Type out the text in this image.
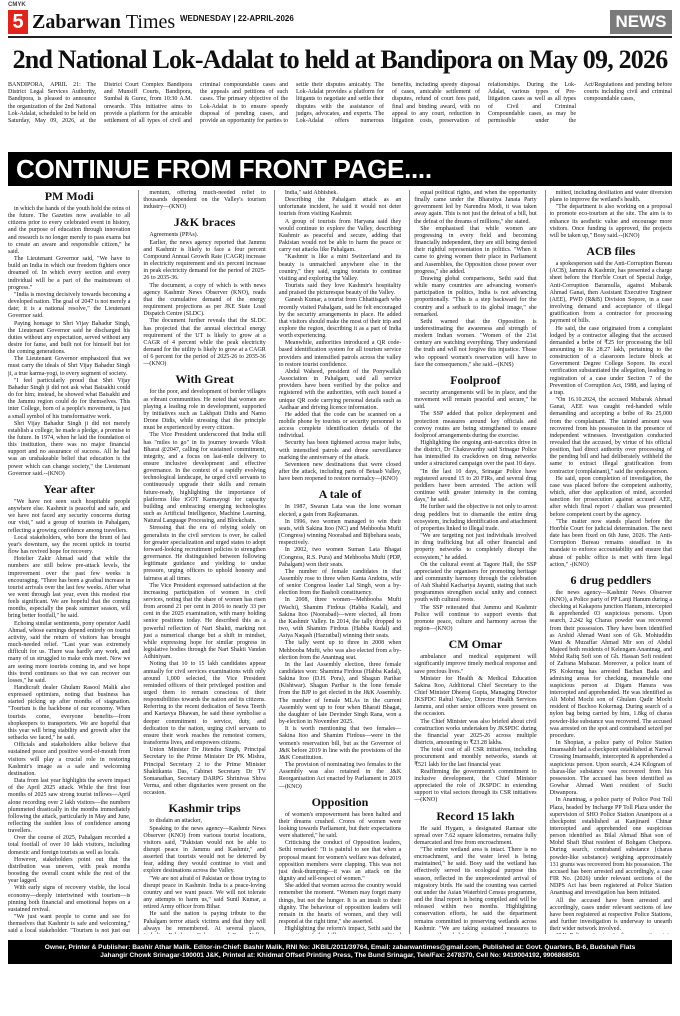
CMYK
5 Zabarwan Times WEDNESDAY | 22-APRIL-2026	NEWS
2nd National Lok-Adalat to held at Bandipora on May 09, 2026
BANDIPORA, APRIL 21: The District Legal Services Authority, Bandipora, is pleased to announce the organization of the 2nd National Lok-Adalat, scheduled to be held on Saturday, May 09, 2026, at the District Court Complex Bandipora and Munsiff Courts, Bandipora, Sumbal & Gurez, from 10:30 A.M. onwards. This initiative aims to provide a platform for the amicable settlement of all types of civil and criminal compoundable cases and the appeals and petitions of such cases. The primary objective of the Lok-Adalat is to ensure speedy disposal of pending cases, and provide an opportunity for parties to settle their disputes amicably. The Lok-Adalat provides a platform for litigants to negotiate and settle their disputes with the assistance of judges, advocates, and experts. The Lok-Adalat offers numerous benefits, including speedy disposal of cases, amicable settlement of disputes, refund of court fees paid, final and binding award, with no appeal to any court, reduction in litigation costs, preservation of relationships. During the Lok-Adalat, various types of Pre-litigation cases as well as all types of Civil and Criminal Compoundable cases, as may be permissible under the Act/Regulations and pending before courts including civil and criminal compoundable cases,
CONTINUE FROM FRONT PAGE....
PM Modi

in which the hands of the youth hold the reins of the future. The Gazettes now available to all citizens prior to every celebrated event in history, and the purpose of education through innovation and research is no longer merely to pass exams but to create an aware and responsible citizen," he said.

The Lieutenant Governor said, "We have to build an India in which our freedom fighters once dreamed of. In which every section and every individual will be a part of the mainstream of progress."

"India is moving decisively towards becoming a developed nation. The goal of 2047 is not merely a date; it is a national resolve," the Lieutenant Governor said.

Paying homage to Shri Vijay Bahadur Singh, the Lieutenant Governor said he discharged his duties without any expectation, served without any desire for fame, and built not for himself but for the coming generations.

The Lieutenant Governor emphasized that we must carry the ideals of Shri Vijay Bahadur Singh ji, a true karma-yogi, to every segment of society.

"I feel particularly proud that Shri Vijay Bahadur Singh ji did not ask what Baisakhi could do for him; instead, he showed what Baisakhi and the Jammu region could do for themselves. This inter College, born of a people's movement, is just a small symbol of his transformative work.

Shri Vijay Bahadur Singh ji did not merely establish a college; he made a pledge, a promise to the future. In 1974, when he laid the foundation of this institution, there was no major financial support and no assurance of success. All he had was an unshakeable belief that education is the power which can change society," the Lieutenant Governor said.--(KNO)

Year after

"We have not seen such hospitable people anywhere else. Kashmir is peaceful and safe, and we have not faced any security concerns during our visit," said a group of tourists in Pahalgam, reflecting a growing confidence among travellers.

Local stakeholders, who bore the brunt of last year's downturn, say the recent uptick in tourist flow has revived hope for recovery.

Hotelier Zakir Ahmad said that while the numbers are still below pre-attack levels, the improvement over the past few weeks is encouraging. "There has been a gradual increase in tourist arrivals over the last few weeks. After what we went through last year, even this modest rise feels significant. We are hopeful that the coming months, especially the peak summer season, will bring better footfall," he said.

Echoing similar sentiments, pony operator Aadil Ahmad, whose earnings depend entirely on tourist activity, said the return of visitors has brought much-needed relief. "Last year was extremely difficult for us. There was hardly any work, and many of us struggled to make ends meet. Now we are seeing more tourists coming in, and we hope this trend continues so that we can recover our losses," he said.

Handicraft dealer Ghulam Rasool Malik also expressed optimism, noting that business has started picking up after months of stagnation. "Tourism is the backbone of our economy. When tourists come, everyone benefits—from shopkeepers to transporters. We are hopeful that this year will bring stability and growth after the setbacks we faced," he said.

Officials and stakeholders alike believe that sustained peace and positive word-of-mouth from visitors will play a crucial role in restoring Kashmir's image as a safe and welcoming destination.

Data from last year highlights the severe impact of the April 2025 attack. While the first four months of 2025 saw strong tourist inflows—April alone recording over 2 lakh visitors—the numbers plummeted drastically in the months immediately following the attack, particularly in May and June, reflecting the sudden loss of confidence among travellers.

Over the course of 2025, Pahalgam recorded a total footfall of over 10 lakh visitors, including domestic and foreign tourists as well as locals.

However, stakeholders point out that the distribution was uneven, with peak months boosting the overall count while the rest of the year lagged.

With early signs of recovery visible, the local economy—deeply intertwined with tourism—is pinning both financial and emotional hopes on a sustained revival.

"We just want people to come and see for themselves that Kashmir is safe and welcoming," said a local stakeholder. "Tourism is not just our

mentum, offering much-needed relief to thousands dependent on the Valley's tourism industry—(KNO)

J&K braces

Agreements (PPAs).

Earlier, the news agency reported that Jammu and Kashmir is likely to face a four percent Compound Annual Growth Rate (CAGR) increase in electricity requirement and six percent increase in peak electricity demand for the period of 2025-26 to 2035-36.

The document, a copy of which is with news agency Kashmir News Observer (KNO), reads that the cumulative demand of the energy requirement projections as per JKE State Load Dispatch Centre (SLDC).

The document further reveals that the SLDC has projected that the annual electrical energy requirement of the UT is likely to grow at a CAGR of 4 percent while the peak electricity demand for the utility is likely to grow at a CAGR of 6 percent for the period of 2025-26 to 2035-36—(KNO)

With Great

for the poor, and development of border villages as vibrant communities. He noted that women are playing a leading role in development, supported by initiatives such as Lakhpati Didis and Namo Drone Didis, while stressing that the principle must be experienced by every citizen.

The Vice President underscored that India still has "miles to go" in its journey towards Viksit Bharat @2047, calling for sustained commitment, integrity, and a focus on last-mile delivery to ensure inclusive development and effective governance. In the context of a rapidly evolving technological landscape, he urged civil servants to continuously upgrade their skills and remain future-ready, highlighting the importance of platforms like iGOT Karmayogi for capacity building and embracing emerging technologies such as Artificial Intelligence, Machine Learning, Natural Language Processing, and Blockchain.

Stressing that the era of relying solely on generalists in the civil services is over, he called for greater specialization and urged states to adopt forward-looking recruitment policies to strengthen governance. He distinguished between following legitimate guidance and yielding to undue pressure, urging officers to uphold honesty and fairness at all times.

The Vice President expressed satisfaction at the increasing participation of women in civil services, noting that the share of women has risen from around 21 per cent in 2016 to nearly 33 per cent in the 2025 examination, with many holding senior positions today. He described this as a powerful reflection of Nari Shakti, marking not just a numerical change but a shift in mindset, while expressing hope for similar progress in legislative bodies through the Nari Shakti Vandan Adhiniyam.

Noting that 10 to 15 lakh candidates appear annually for civil services examinations with only around 1,000 selected, the Vice President reminded officers of their privileged position and urged them to remain conscious of their responsibilities towards the nation and its citizens. Referring to the recent dedication of Sewa Teerth and Kartavya Bhawan, he said these symbolise a deeper commitment to service, duty, and dedication to the nation, urging civil servants to ensure their work reaches the remotest corners, transforms lives, and empowers citizens.

Union Minister Dr Jitendra Singh, Principal Secretary to the Prime Minister Dr PK Mishra, Principal Secretary 2 to the Prime Minister Shaktikanta Das, Cabinet Secretary Dr TV Somanathan, Secretary DARPG Shrinivas Shiva Verma, and other dignitaries were present on the occasion.

Kashmir trips

to disdain an attacker,

Speaking to the news agency—Kashmir News Observer (KNO) from various tourist locations, visitors said, "Pakistan would not be able to disrupt peace in Jammu and Kashmir," and asserted that tourists would not be deterred by fear, adding they would continue to visit and explore destinations across the Valley.

"We are not afraid of Pakistan or those trying to disrupt peace in Kashmir. India is a peace-loving country and we want peace. We will not tolerate any attempts to harm us," said Sunil Kumar, a retired Army officer from Bihar.

He said the nation is paying tribute to the Pahalgam terror attack victims and that they will always be remembered. At several places,

India," said Abhishek.

Describing the Pahalgam attack as an unfortunate incident, he said it would not deter tourists from visiting Kashmir.

A group of tourists from Haryana said they would continue to explore the Valley, describing Kashmir as peaceful and secure, adding that Pakistan would not be able to harm the peace or carry out attacks like Pahalgam.

"Kashmir is like a mini Switzerland and its beauty is unmatched anywhere else in the country," they said, urging tourists to continue visiting and exploring the Valley.

Tourists said they love Kashmir's hospitality and praised the picturesque beauty of the Valley.

Ganesh Kumar, a tourist from Chhattisgarh who recently visited Pahalgam, said he felt encouraged by the security arrangements in place. He added that visitors should make the most of their trip and explore the region, describing it as a part of India worth experiencing.

Meanwhile, authorities introduced a QR code-based identification system for all tourism service providers and intensified patrols across the valley to restore tourist confidence.

Abdul Waheed, president of the Ponywallah Association in Pahalgam, said all service providers have been verified by the police and registered with the authorities, with each issued a unique QR code carrying personal details such as Aadhaar and driving licence information.

He added that the code can be scanned on a mobile phone by tourists or security personnel to access complete identification details of the individual.

Security has been tightened across major hubs, with intensified patrols and drone surveillance marking the anniversary of the attack.

Seventeen new destinations that were closed after the attack, including parts of Betaab Valley, have been reopened to restore normalcy—(KNO)

A tale of

In 1987, Swaran Lata was the lone woman elected, a gain from Rajkumaran.

In 1996, two women managed to win their seats, with Sakina Itoo (NC) and Mehbooba Mufti (Congress) winning Noorabad and Bijbehara seats, respectively.

In 2002, two women Suman Lata Bhagat (Congress, R.S. Pura) and Mehbooba Mufti (PDP, Pahalgam) won their seats.

The number of female candidates in that Assembly rose to three when Kanta Andotra, wife of senior Congress leader Lal Singh, won a by-election from the Basholi constituency.

In 2008, three women—Mehbooba Mufti (Wachi), Shamim Firdous (Habba Kadal), and Sakina Itoo (Noorabad)—were elected, all from the Kashmir Valley. In 2014, the tally dropped to two, with Shamim Firdous (Habba Kadal) and Asiya Naqash (Hazratbal) winning their seats.

The tally went up to three in 2008 when Mehbooba Mufti, who was also elected from a by-election from the Anantnag seat.

In the last Assembly election, three female candidates won: Shamima Firdous (Habba Kadal), Sakina Itoo (D.H. Pora), and Shagun Parihar (Kishtwar). Shagun Parihar is the lone female from the BJP to get elected in the J&K Assembly. The number of female MLAs in the current Assembly went up to four when Bharati Bhagat, the daughter of late Devinder Singh Rana, won a by-election in November 2025.

It is worth mentioning that two females—Sakina Itoo and Shamim Firdous—were in the women's reservation bill, but as the Governor of J&K before 2019 in line with the provisions of the J&K Constitution.

The provision of nominating two females to the Assembly was also retained in the J&K Reorganisation Act enacted by Parliament in 2019—(KNO)

Opposition

of women's empowerment has been halted and their dreams crushed. Crores of women were looking towards Parliament, but their expectations were shattered," he said.

Criticising the conduct of Opposition leaders, Sethi remarked: "It is painful to see that when a proposal meant for women's welfare was defeated, opposition members were clapping. This was not just desk-thumping—it was an attack on the dignity and self-respect of women."

She added that women across the country would remember the moment. "Women may forget many things, but not the hunger. It is an insult to their dignity. The behaviour of opposition leaders will remain in the hearts of women, and they will respond at the right time," she asserted.

Highlighting the reform's impact, Sethi said the

equal political rights, and when the opportunity finally came under the Bharatiya Janata Party government led by Narendra Modi, it was taken away again. This is not just the defeat of a bill, but the defeat of the dreams of millions," she stated.

She emphasised that while women are progressing in every field and becoming financially independent, they are still being denied their rightful representation in politics. "When it came to giving women their place in Parliament and Assemblies, the Opposition chose power over progress," she added.

Drawing global comparisons, Sethi said that while many countries are advancing women's participation in politics, India is not advancing proportionally. "This is a step backward for the country and a setback to its global image," she remarked.

Sethi warned that the Opposition is underestimating the awareness and strength of modern Indian women. "Women of the 21st century are watching everything. They understand the truth and will not forgive this injustice. Those who opposed women's reservation will have to face the consequences," she said.--(KNS)

Foolproof

security arrangements will be in place, and the movement will remain peaceful and secure," he said.

The SSP added that police deployment and protection measures around key officials and convoy routes are being strengthened to ensure foolproof arrangements during the exercise.

Highlighting the ongoing anti-narcotics drive in the district, Dr Chakravarthy said Srinagar Police has intensified its crackdown on drug networks under a structured campaign over the past 10 days.

"In the last 10 days, Srinagar Police have registered around 15 to 20 FIRs, and several drug peddlers have been arrested. The action will continue with greater intensity in the coming days," he said.

He further said the objective is not only to arrest drug peddlers but to dismantle the entire drug ecosystem, including identification and attachment of properties linked to illegal trade.

"We are targeting not just individuals involved in drug trafficking but all other financial and property networks to completely disrupt the ecosystem," he added.

On the cultural event at Tagore Hall, the SSP appreciated the organisers for promoting heritage and community harmony through the celebration of Ash Shahid Kachariya Jayanti, stating that such programmes strengthen social unity and connect youth with cultural roots.

The SSP reiterated that Jammu and Kashmir Police will continue to support events that promote peace, culture and harmony across the region—(KNO)

CM Omar

ambulance and medical equipment will significantly improve timely medical response and save precious lives."

Minister for Health & Medical Education Sakina Itoo, Additional Chief Secretary to the Chief Minister Dheeraj Gupta, Managing Director JKSPDC Rahul Yadav, Director Health Services Jammu, and other senior officers were present on the occasion.

The Chief Minister was also briefed about civil construction works undertaken by JKSPDC during the financial year 2025-26 across multiple districts, amounting to ₹23.28 lakhs.

The total cost of all CSR initiatives, including procurement and monthly networks, stands at ₹521 lakh for the last financial year.

Reaffirming the government's commitment to inclusive development, the Chief Minister appreciated the role of JKSPDC in extending support to vital sectors through its CSR initiatives—(KNO)

Record 15 lakh

He said Hygam, a designated Ramsar site spread over 7.62 square kilometres, remains fully demarcated and free from encroachment.

"The entire wetland area is intact. There is no encroachment, and the water level is being maintained," he said. Bosy said the wetland has effectively served its ecological purpose this season, reflected in the unprecedented arrival of migratory birds. He said the counting was carried out under the Asian Waterbird Census programme, and the final report is being compiled and will be released within two months. Highlighting conservation efforts, he said the department remains committed to preserving wetlands across Kashmir. "We are taking sustained measures to

mitted, including desiltation and water diversion plans to improve the wetland's health.

"The department is also working on a proposal to promote eco-tourism at the site. The aim is to enhance its aesthetic value and encourage more visitors. Once funding is approved, the projects will be taken up," Bosy said.--(KNO)

ACB files

a spokesperson said the Anti-Corruption Bureau (ACB), Jammu & Kashmir, has presented a charge sheet before the Hon'ble Court of Special Judge, Anti-Corruption Baramulla, against Mubarak Ahmad Ganai, then Assistant Executive Engineer (AEE), PWD (R&B) Division Sopore, in a case involving demand and acceptance of illegal gratification from a contractor for processing payment of bills.

He said, the case originated from a complaint lodged by a contractor alleging that the accused demanded a bribe of ₹25 for processing the bill amounting to Rs 28.27 lakh, pertaining to the construction of a classroom lecture block at Government Degree College Sopore. Its excel verification substantiated the allegation, leading to registration of a case under Section 7 of the Prevention of Corruption Act, 1988, and laying of a trap.

"On 16.10.2024, the accused Mubarak Ahmad Ganai, AEE was caught red-handed while demanding and accepting a bribe of Rs 25,000 from the complainant. The tainted amount was recovered from his possession in the presence of independent witnesses. Investigation conducted revealed that the accused, by virtue of his official position, had direct authority over processing of the pending bill and had deliberately withheld the same to extract illegal gratification from contractor (complainant)," said the spokesperson.

He said, upon completion of investigation, the case was placed before the competent authority, which, after due application of mind, accorded sanction for prosecution against accused AEE, after which final report / challan was presented before competent court by the agency.

"The matter now stands placed before the Hon'ble Court for judicial determination. The next date has been fixed on 6th June, 2026. The Anti-Corruption Bureau remains steadfast in its mandate to enforce accountability and ensure that abuse of public office is met with firm legal action," -(KNO)

6 drug peddlers

the news agency—Kashmir News Observer (KNO), a Police party of PP Lanji Hanum during a checking at Kakapora junction Hanum, intercepted & apprehended 03 suspicious persons. Upon search, 2.242 kg Charas powder was recovered from their possession. They have been identified as Arshid Ahmad Wani son of Gh. Mohiuddin Wani & Muzaffar Ahmad Mir son of Abdul Majeed both residents of Kelengam Anantnag, and Mohd Rafiq Sofi son of Gh. Hassan Sofi resident of Zafrana Mubazar. Moreover, a police team of PS Kokernag has arrested Bachan Bada and admixing areas for checking, meanwhile one suspicious person at Digam Hanura was intercepted and apprehended. He was identified as Ali Mohd Mochi son of Ghulam Qadir Mochi resident of Buchoo Kokernag. During search of a nylon bag being carried by him, 1.8kg of charas powder-like substance was recovered. The accused was arrested on the spot and contraband seized per procedure.

In Shopian, a police party of Police Station Imamsahib had a checkpoint established at Narwal Crossing Imamsahib, intercepted & apprehended a suspicious person. Upon search, 4.24 Kilogram of charas-like substance was recovered from his possession. The accused has been identified as Gowhar Ahmad Wani resident of Suchi Diwanpora.

In Anantnag, a police party of Police Post Toll Plaza, headed by Incharge PP Toll Plaza under the supervision of SHO Police Station Anantpora at a checkpoint established at Kanjinard Chinar intercepted and apprehended one suspicious person identified as Bilal Ahmad Bhat son of Mohd Shafi Bhat resident of Bohgam Chetpora. During search, contraband substance (charas powder-like substance) weighing approximately 131 grams was recovered from his possession. The accused has been arrested and accordingly, a case FIR No. (2026) under relevant sections of the NDPS Act has been registered at Police Station Anantnag and investigation has been initiated.

All the accused have been arrested and accordingly, cases under relevant sections of law have been registered at respective Police Stations, and further investigation is underway to unearth their wider network involved.

Owner, Printer & Publisher: Bashir Athar Malik. Editor-in-Chief: Bashir Malik, RNI No: JKBIL/2011/39764, Email: zabarwantimes@gmail.com, Published at: Govt. Quarters, B-6, Budshah Flats
Jahangir Chowk Srinagar-190001 J&K, Printed at: Khidmat Offset Printing Press, The Bund Srinagar, Tele/Fax: 2478370, Cell No: 9419004192, 9906868501
